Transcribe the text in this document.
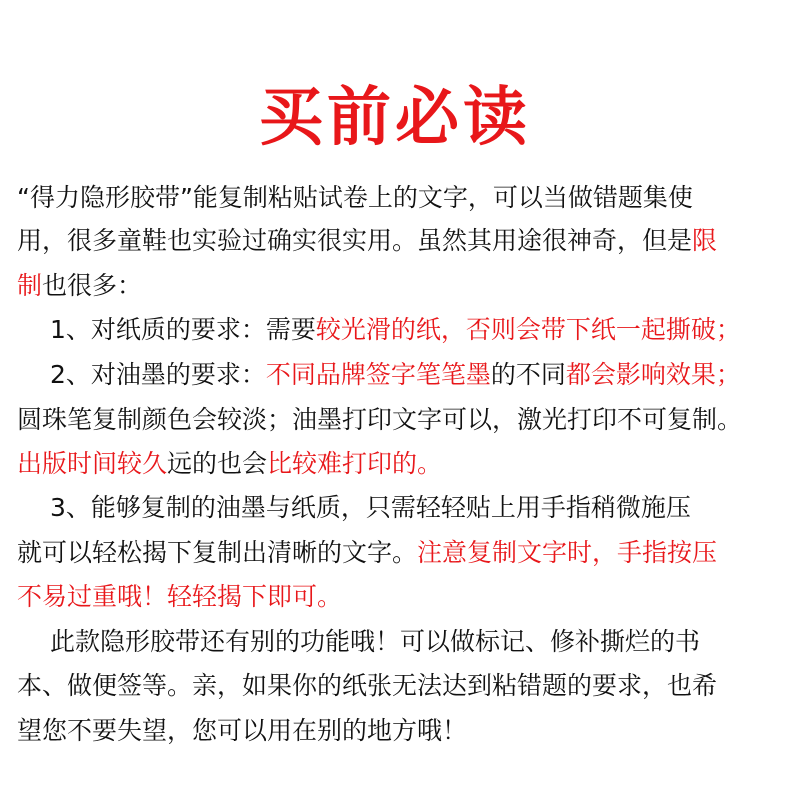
买前必读
“得力隐形胶带”能复制粘贴试卷上的文字，可以当做错题集使
用，很多童鞋也实验过确实很实用。虽然其用途很神奇，但是限
制也很多：
　 1、对纸质的要求：需要较光滑的纸，否则会带下纸一起撕破；
　 2、对油墨的要求：不同品牌签字笔笔墨的不同都会影响效果；
圆珠笔复制颜色会较淡；油墨打印文字可以，激光打印不可复制。
出版时间较久远的也会比较难打印的。
　 3、能够复制的油墨与纸质，只需轻轻贴上用手指稍微施压
就可以轻松揭下复制出清晰的文字。注意复制文字时，手指按压
不易过重哦！轻轻揭下即可。
　 此款隐形胶带还有别的功能哦！可以做标记、修补撕烂的书
本、做便签等。亲，如果你的纸张无法达到粘错题的要求，也希
望您不要失望，您可以用在别的地方哦！
